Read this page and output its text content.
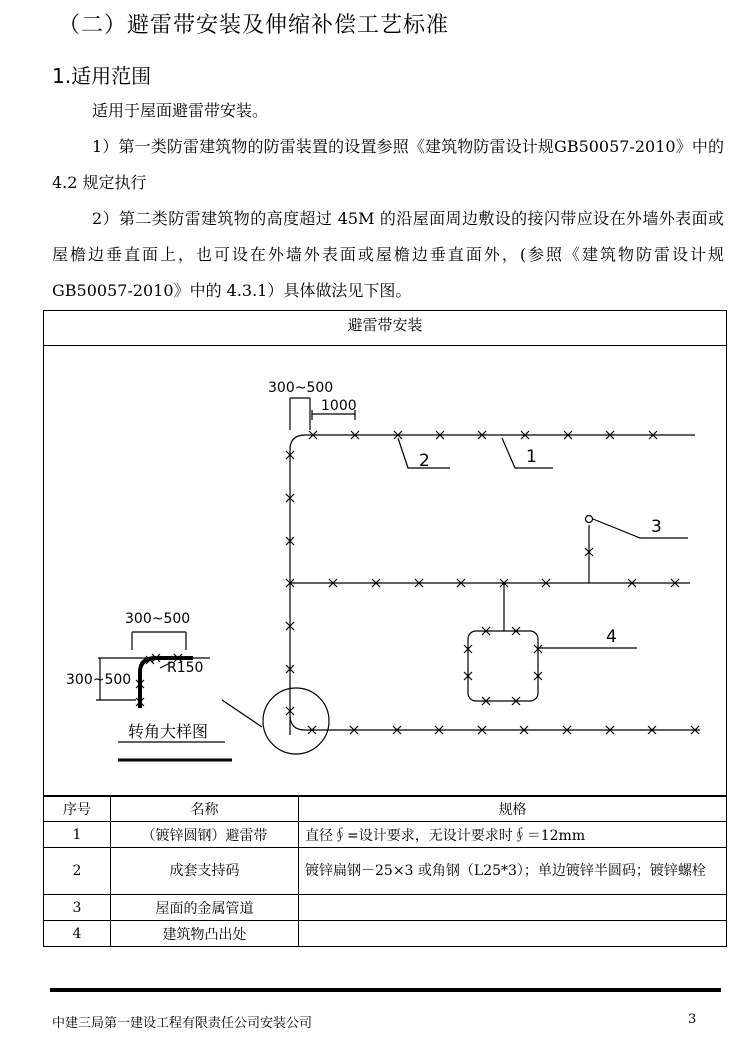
（二）避雷带安装及伸缩补偿工艺标准
1.适用范围
适用于屋面避雷带安装。
1）第一类防雷建筑物的防雷装置的设置参照《建筑物防雷设计规GB50057-2010》中的 4.2 规定执行
2）第二类防雷建筑物的高度超过 45M 的沿屋面周边敷设的接闪带应设在外墙外表面或屋檐边垂直面上，也可设在外墙外表面或屋檐边垂直面外，(参照《建筑物防雷设计规 GB50057-2010》中的 4.3.1）具体做法见下图。
避雷带安装
300~500
1000
2	1
3
4
300~500
300~500
R150
转角大样图
序号	名称	规格
1	（镀锌圆钢）避雷带	直径∮=设计要求，无设计要求时∮＝12mm
2	成套支持码	镀锌扁钢－25×3 或角钢（L25*3）；单边镀锌半圆码；镀锌螺栓
3	屋面的金属管道	
4	建筑物凸出处	
中建三局第一建设工程有限责任公司安装公司	3
